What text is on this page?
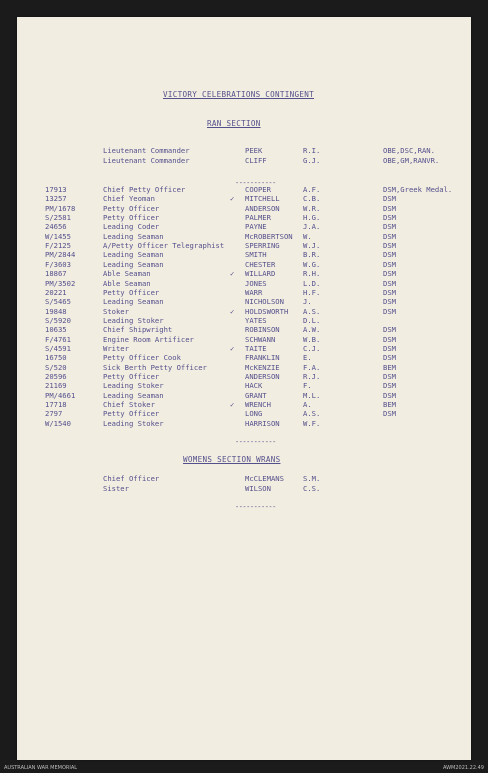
VICTORY CELEBRATIONS CONTINGENT
RAN SECTION
Lieutenant Commander	PEEK	R.I.	OBE,DSC,RAN.
Lieutenant Commander	CLIFF	G.J.	OBE,GM,RANVR.
-----------
17913	Chief Petty Officer	COOPER	A.F.	DSM,Greek Medal.
13257	Chief Yeoman	✓ MITCHELL	C.B.	DSM
PM/1678	Petty Officer	ANDERSON	W.R.	DSM
S/2581	Petty Officer	PALMER	H.G.	DSM
24656	Leading Coder	PAYNE	J.A.	DSM
W/1455	Leading Seaman	McROBERTSON W.	DSM
F/2125	A/Petty Officer Telegraphist	SPERRING	W.J.	DSM
PM/2844	Leading Seaman	SMITH	B.R.	DSM
F/3603	Leading Seaman	CHESTER	W.G.	DSM
18867	Able Seaman	✓ WILLARD	R.H.	DSM
PM/3502	Able Seaman	JONES	L.D.	DSM
20221	Petty Officer	WARR	H.F.	DSM
S/5465	Leading Seaman	NICHOLSON	J.	DSM
19848	Stoker	✓ HOLDSWORTH A.S.	DSM
S/5920	Leading Stoker	YATES	D.L.
10635	Chief Shipwright	ROBINSON	A.W.	DSM
F/4761	Engine Room Artificer	SCHWANN	W.B.	DSM
S/4591	Writer	✓ TAITE	C.J.	DSM
16750	Petty Officer Cook	FRANKLIN	E.	DSM
S/520	Sick Berth Petty Officer	McKENZIE	F.A.	BEM
20596	Petty Officer	ANDERSON	R.J.	DSM
21169	Leading Stoker	HACK	F.	DSM
PM/4661	Leading Seaman	GRANT	M.L.	DSM
17718	Chief Stoker	✓ WRENCH	A.	BEM
2797	Petty Officer	LONG	A.S.	DSM
W/1540	Leading Stoker	HARRISON	W.F.
-----------
WOMENS SECTION WRANS
Chief Officer	McCLEMANS	S.M.
Sister	WILSON	C.S.
-----------
AUSTRALIAN WAR MEMORIAL	AWM2021.22.49
